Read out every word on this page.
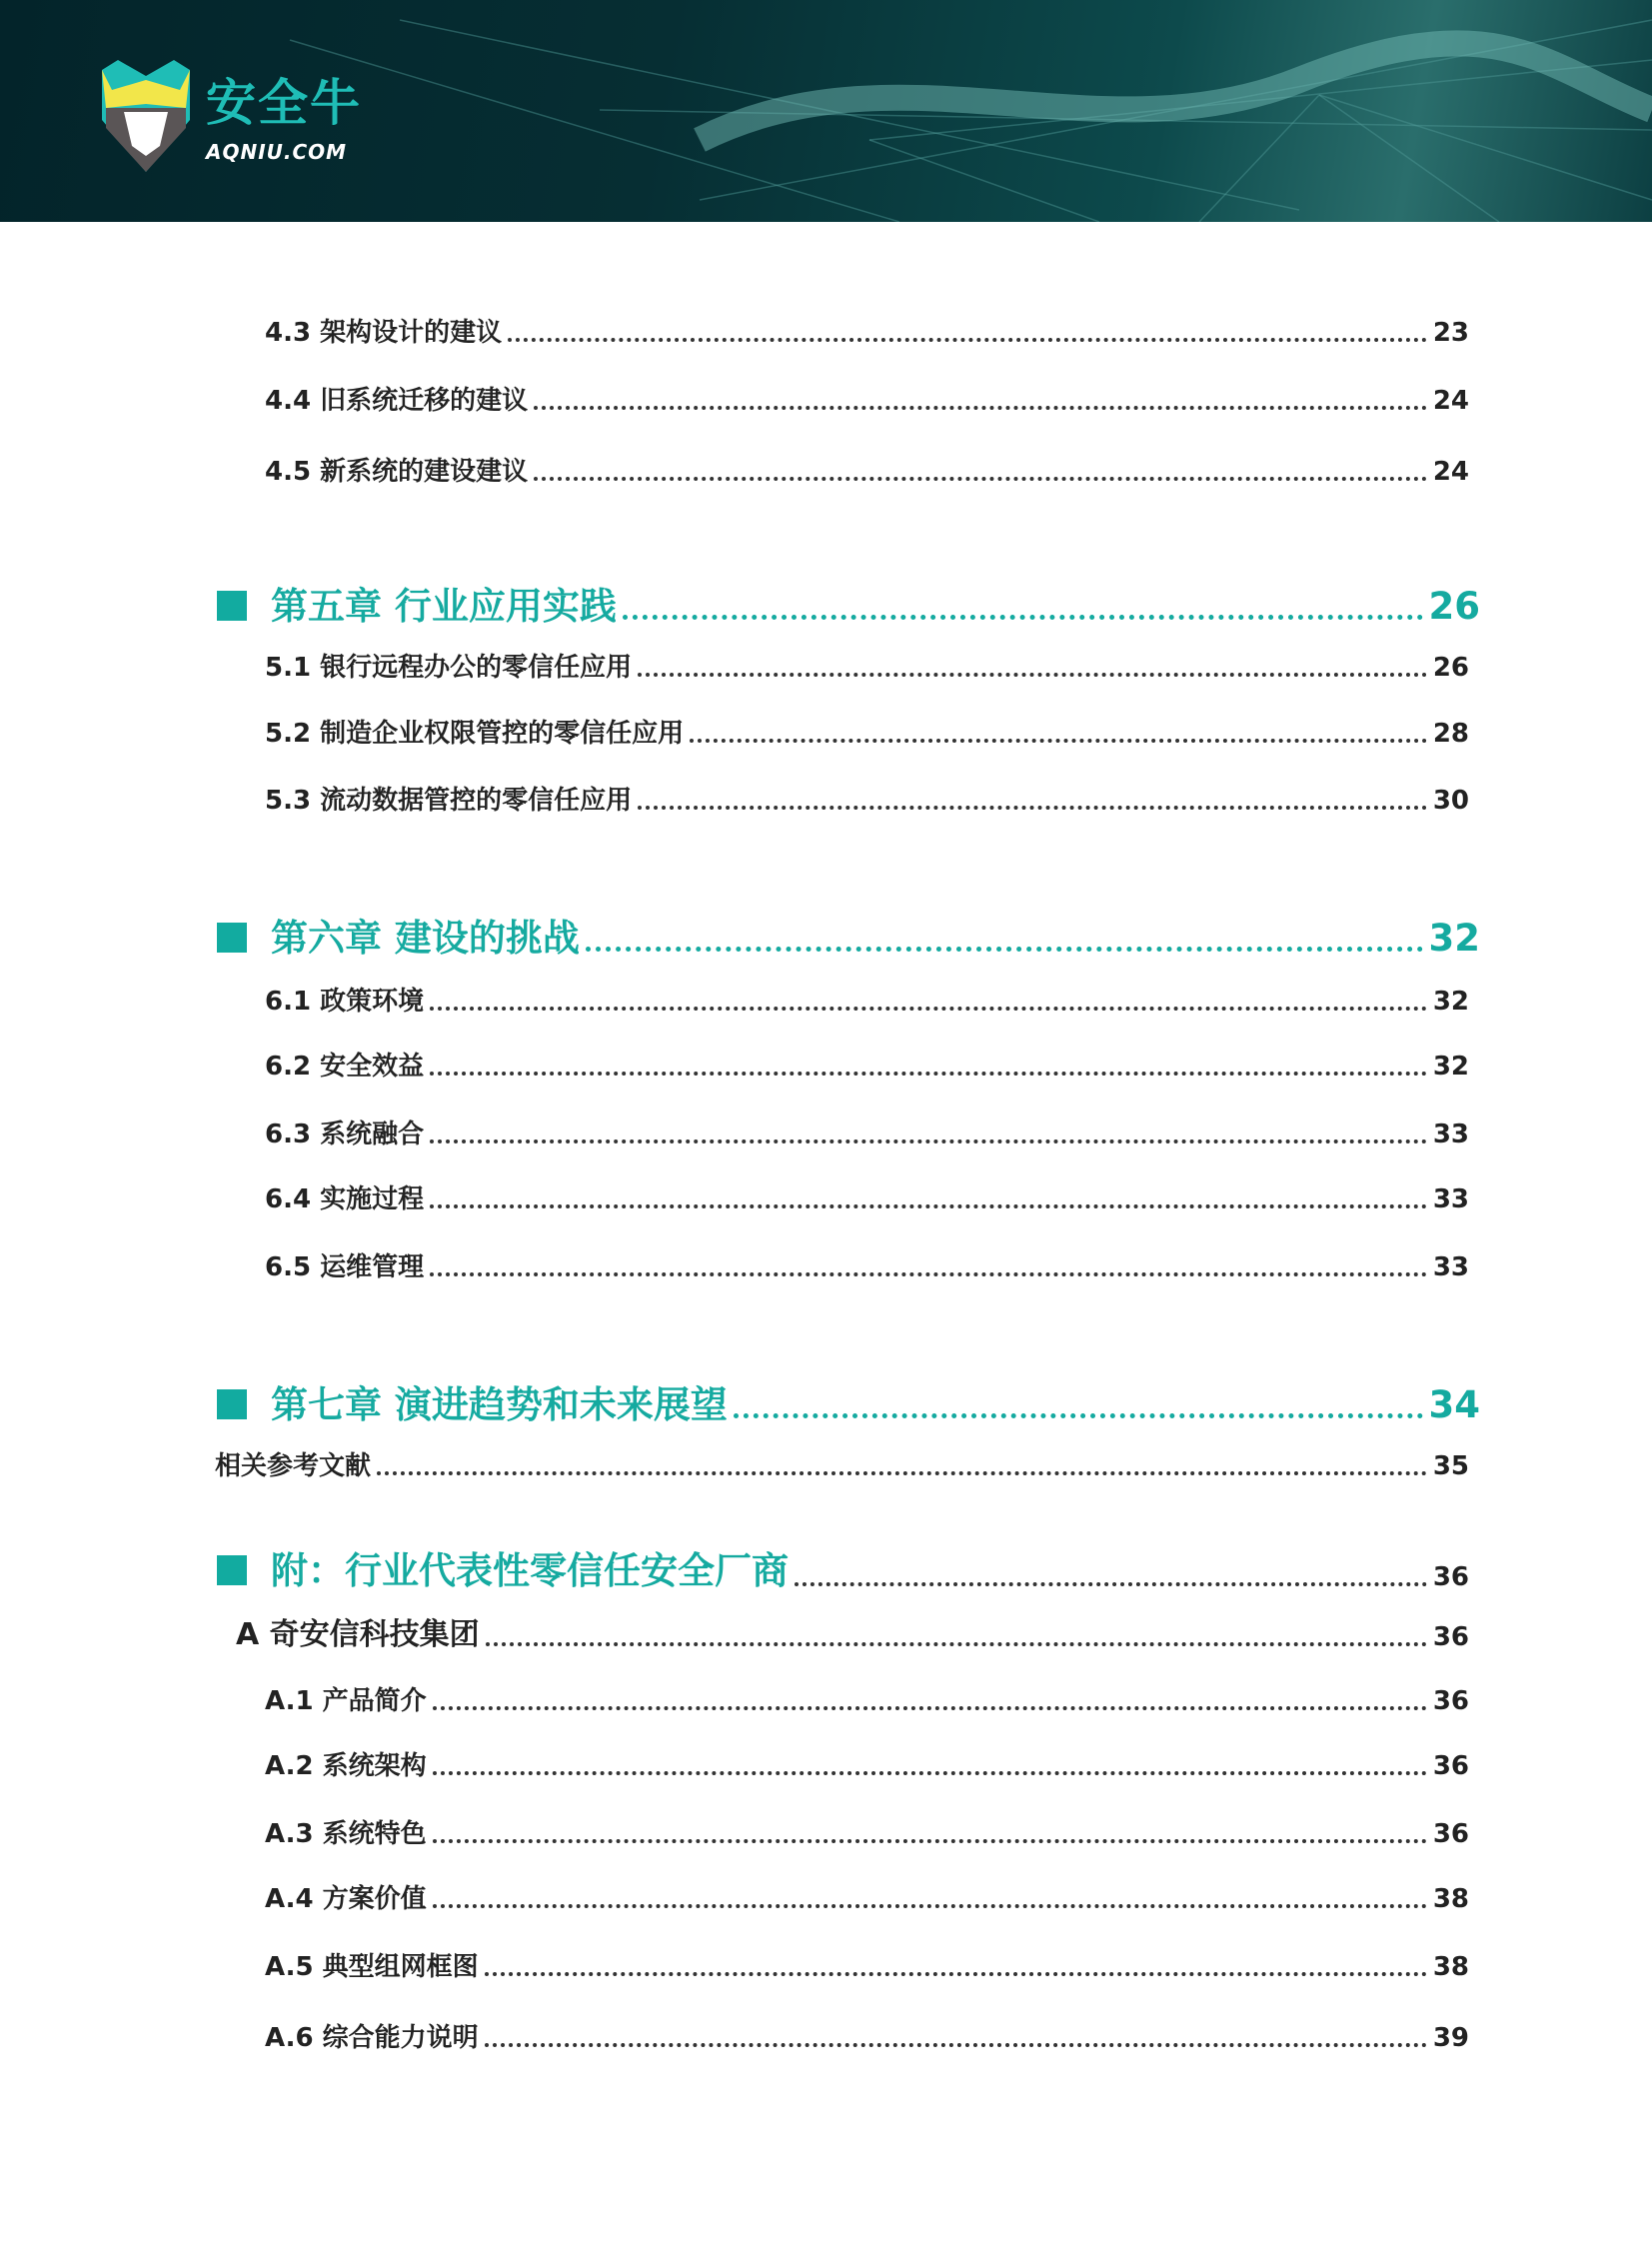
安全牛
AQNIU.COM
4.3 架构设计的建议	23
4.4 旧系统迁移的建议	24
4.5 新系统的建设建议	24
第五章 行业应用实践	26
5.1 银行远程办公的零信任应用	26
5.2 制造企业权限管控的零信任应用	28
5.3 流动数据管控的零信任应用	30
第六章 建设的挑战	32
6.1 政策环境	32
6.2 安全效益	32
6.3 系统融合	33
6.4 实施过程	33
6.5 运维管理	33
第七章 演进趋势和未来展望	34
相关参考文献	35
附：行业代表性零信任安全厂商	36
A 奇安信科技集团	36
A.1 产品简介	36
A.2 系统架构	36
A.3 系统特色	36
A.4 方案价值	38
A.5 典型组网框图	38
A.6 综合能力说明	39
